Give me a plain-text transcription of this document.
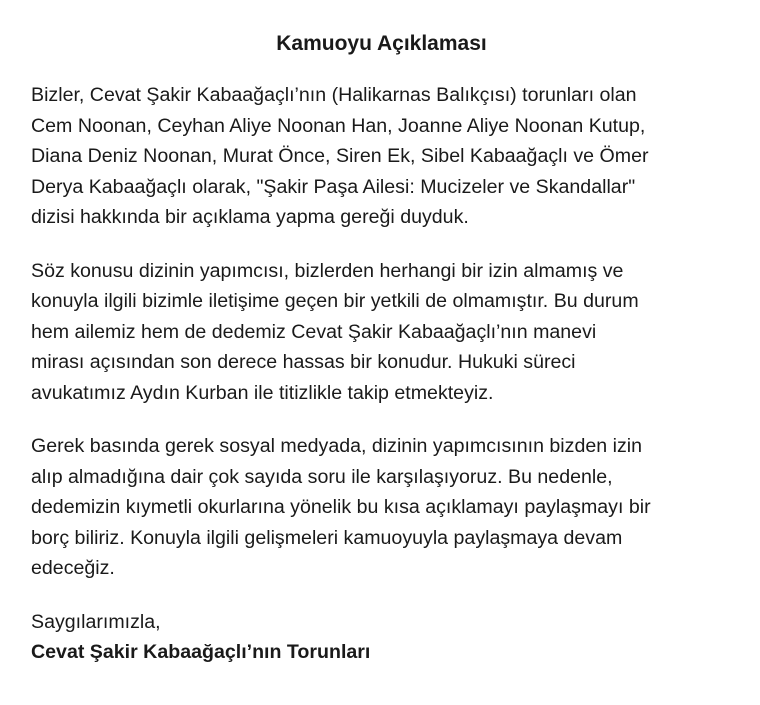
Kamuoyu Açıklaması
Bizler, Cevat Şakir Kabaağaçlı’nın (Halikarnas Balıkçısı) torunları olan
Cem Noonan, Ceyhan Aliye Noonan Han, Joanne Aliye Noonan Kutup,
Diana Deniz Noonan, Murat Önce, Siren Ek, Sibel Kabaağaçlı ve Ömer
Derya Kabaağaçlı olarak, "Şakir Paşa Ailesi: Mucizeler ve Skandallar"
dizisi hakkında bir açıklama yapma gereği duyduk.
Söz konusu dizinin yapımcısı, bizlerden herhangi bir izin almamış ve
konuyla ilgili bizimle iletişime geçen bir yetkili de olmamıştır. Bu durum
hem ailemiz hem de dedemiz Cevat Şakir Kabaağaçlı’nın manevi
mirası açısından son derece hassas bir konudur. Hukuki süreci
avukatımız Aydın Kurban ile titizlikle takip etmekteyiz.
Gerek basında gerek sosyal medyada, dizinin yapımcısının bizden izin
alıp almadığına dair çok sayıda soru ile karşılaşıyoruz. Bu nedenle,
dedemizin kıymetli okurlarına yönelik bu kısa açıklamayı paylaşmayı bir
borç biliriz. Konuyla ilgili gelişmeleri kamuoyuyla paylaşmaya devam
edeceğiz.
Saygılarımızla,
Cevat Şakir Kabaağaçlı’nın Torunları
